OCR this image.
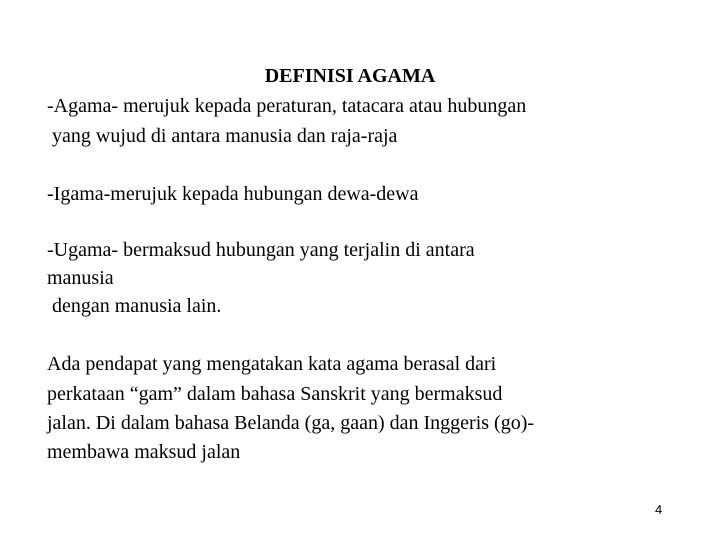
DEFINISI AGAMA
-Agama- merujuk kepada peraturan, tatacara atau hubungan
yang wujud di antara manusia dan raja-raja
-Igama-merujuk kepada hubungan dewa-dewa
-Ugama- bermaksud hubungan yang terjalin di antara
manusia
dengan manusia lain.
Ada pendapat yang mengatakan kata agama berasal dari
perkataan “gam” dalam bahasa Sanskrit yang bermaksud
jalan. Di dalam bahasa Belanda (ga, gaan) dan Inggeris (go)-
membawa maksud jalan
4
